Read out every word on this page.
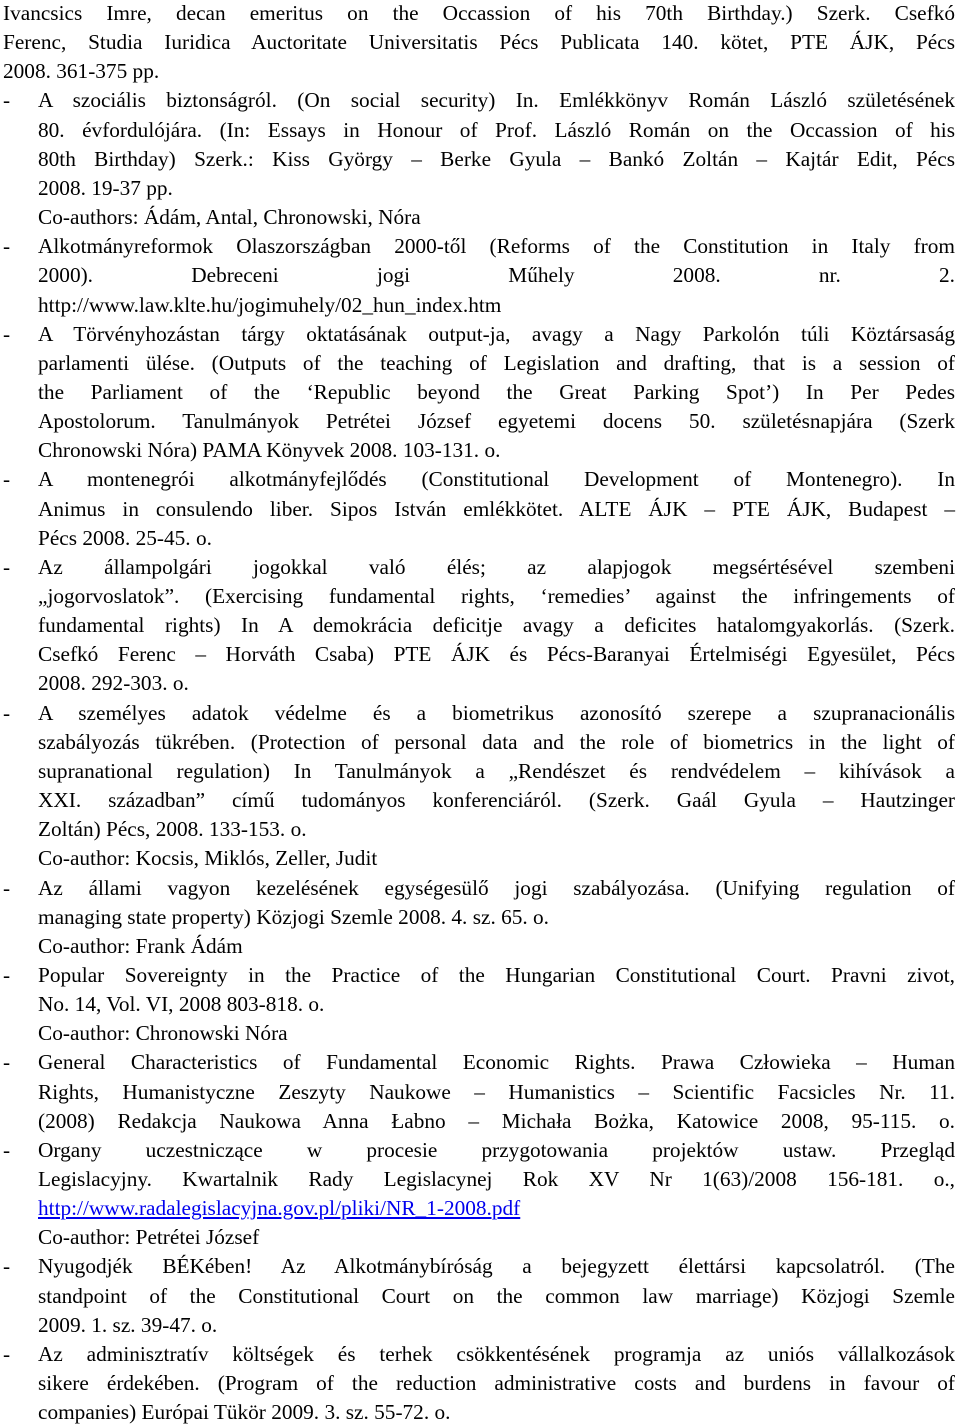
Ivancsics Imre, decan emeritus on the Occassion of his 70th Birthday.) Szerk. Csefkó
Ferenc, Studia Iuridica Auctoritate Universitatis Pécs Publicata 140. kötet, PTE ÁJK, Pécs
2008. 361-375 pp.
-	A szociális biztonságról. (On social security) In. Emlékkönyv Román László születésének
80. évfordulójára. (In: Essays in Honour of Prof. László Román on the Occassion of his
80th Birthday) Szerk.: Kiss György – Berke Gyula – Bankó Zoltán – Kajtár Edit, Pécs
2008. 19-37 pp.
Co-authors: Ádám, Antal, Chronowski, Nóra
-	Alkotmányreformok Olaszországban 2000-től (Reforms of the Constitution in Italy from
2000). Debreceni jogi Műhely 2008. nr. 2.
http://www.law.klte.hu/jogimuhely/02_hun_index.htm
-	A Törvényhozástan tárgy oktatásának output-ja, avagy a Nagy Parkolón túli Köztársaság
parlamenti ülése. (Outputs of the teaching of Legislation and drafting, that is a session of
the Parliament of the ‘Republic beyond the Great Parking Spot’) In Per Pedes
Apostolorum. Tanulmányok Petrétei József egyetemi docens 50. születésnapjára (Szerk
Chronowski Nóra) PAMA Könyvek 2008. 103-131. o.
-	A montenegrói alkotmányfejlődés (Constitutional Development of Montenegro). In
Animus in consulendo liber. Sipos István emlékkötet. ALTE ÁJK – PTE ÁJK, Budapest –
Pécs 2008. 25-45. o.
-	Az állampolgári jogokkal való élés; az alapjogok megsértésével szembeni
„jogorvoslatok”. (Exercising fundamental rights, ‘remedies’ against the infringements of
fundamental rights) In A demokrácia deficitje avagy a deficites hatalomgyakorlás. (Szerk.
Csefkó Ferenc – Horváth Csaba) PTE ÁJK és Pécs-Baranyai Értelmiségi Egyesület, Pécs
2008. 292-303. o.
-	A személyes adatok védelme és a biometrikus azonosító szerepe a szupranacionális
szabályozás tükrében. (Protection of personal data and the role of biometrics in the light of
supranational regulation) In Tanulmányok a „Rendészet és rendvédelem – kihívások a
XXI. században” című tudományos konferenciáról. (Szerk. Gaál Gyula – Hautzinger
Zoltán) Pécs, 2008. 133-153. o.
Co-author: Kocsis, Miklós, Zeller, Judit
-	Az állami vagyon kezelésének egységesülő jogi szabályozása. (Unifying regulation of
managing state property) Közjogi Szemle 2008. 4. sz. 65. o.
Co-author: Frank Ádám
-	Popular Sovereignty in the Practice of the Hungarian Constitutional Court. Pravni zivot,
No. 14, Vol. VI, 2008 803-818. o.
Co-author: Chronowski Nóra
-	General Characteristics of Fundamental Economic Rights. Prawa Człowieka – Human
Rights, Humanistyczne Zeszyty Naukowe – Humanistics – Scientific Facsicles Nr. 11.
(2008) Redakcja Naukowa Anna Łabno – Michała Bożka, Katowice 2008, 95-115. o.
-	Organy uczestniczące w procesie przygotowania projektów ustaw. Przegląd
Legislacyjny. Kwartalnik Rady Legislacynej Rok XV Nr 1(63)/2008 156-181. o.,
http://www.radalegislacyjna.gov.pl/pliki/NR_1-2008.pdf
Co-author: Petrétei József
-	Nyugodjék BÉKében! Az Alkotmánybíróság a bejegyzett élettársi kapcsolatról. (The
standpoint of the Constitutional Court on the common law marriage) Közjogi Szemle
2009. 1. sz. 39-47. o.
-	Az adminisztratív költségek és terhek csökkentésének programja az uniós vállalkozások
sikere érdekében. (Program of the reduction administrative costs and burdens in favour of
companies) Európai Tükör 2009. 3. sz. 55-72. o.
